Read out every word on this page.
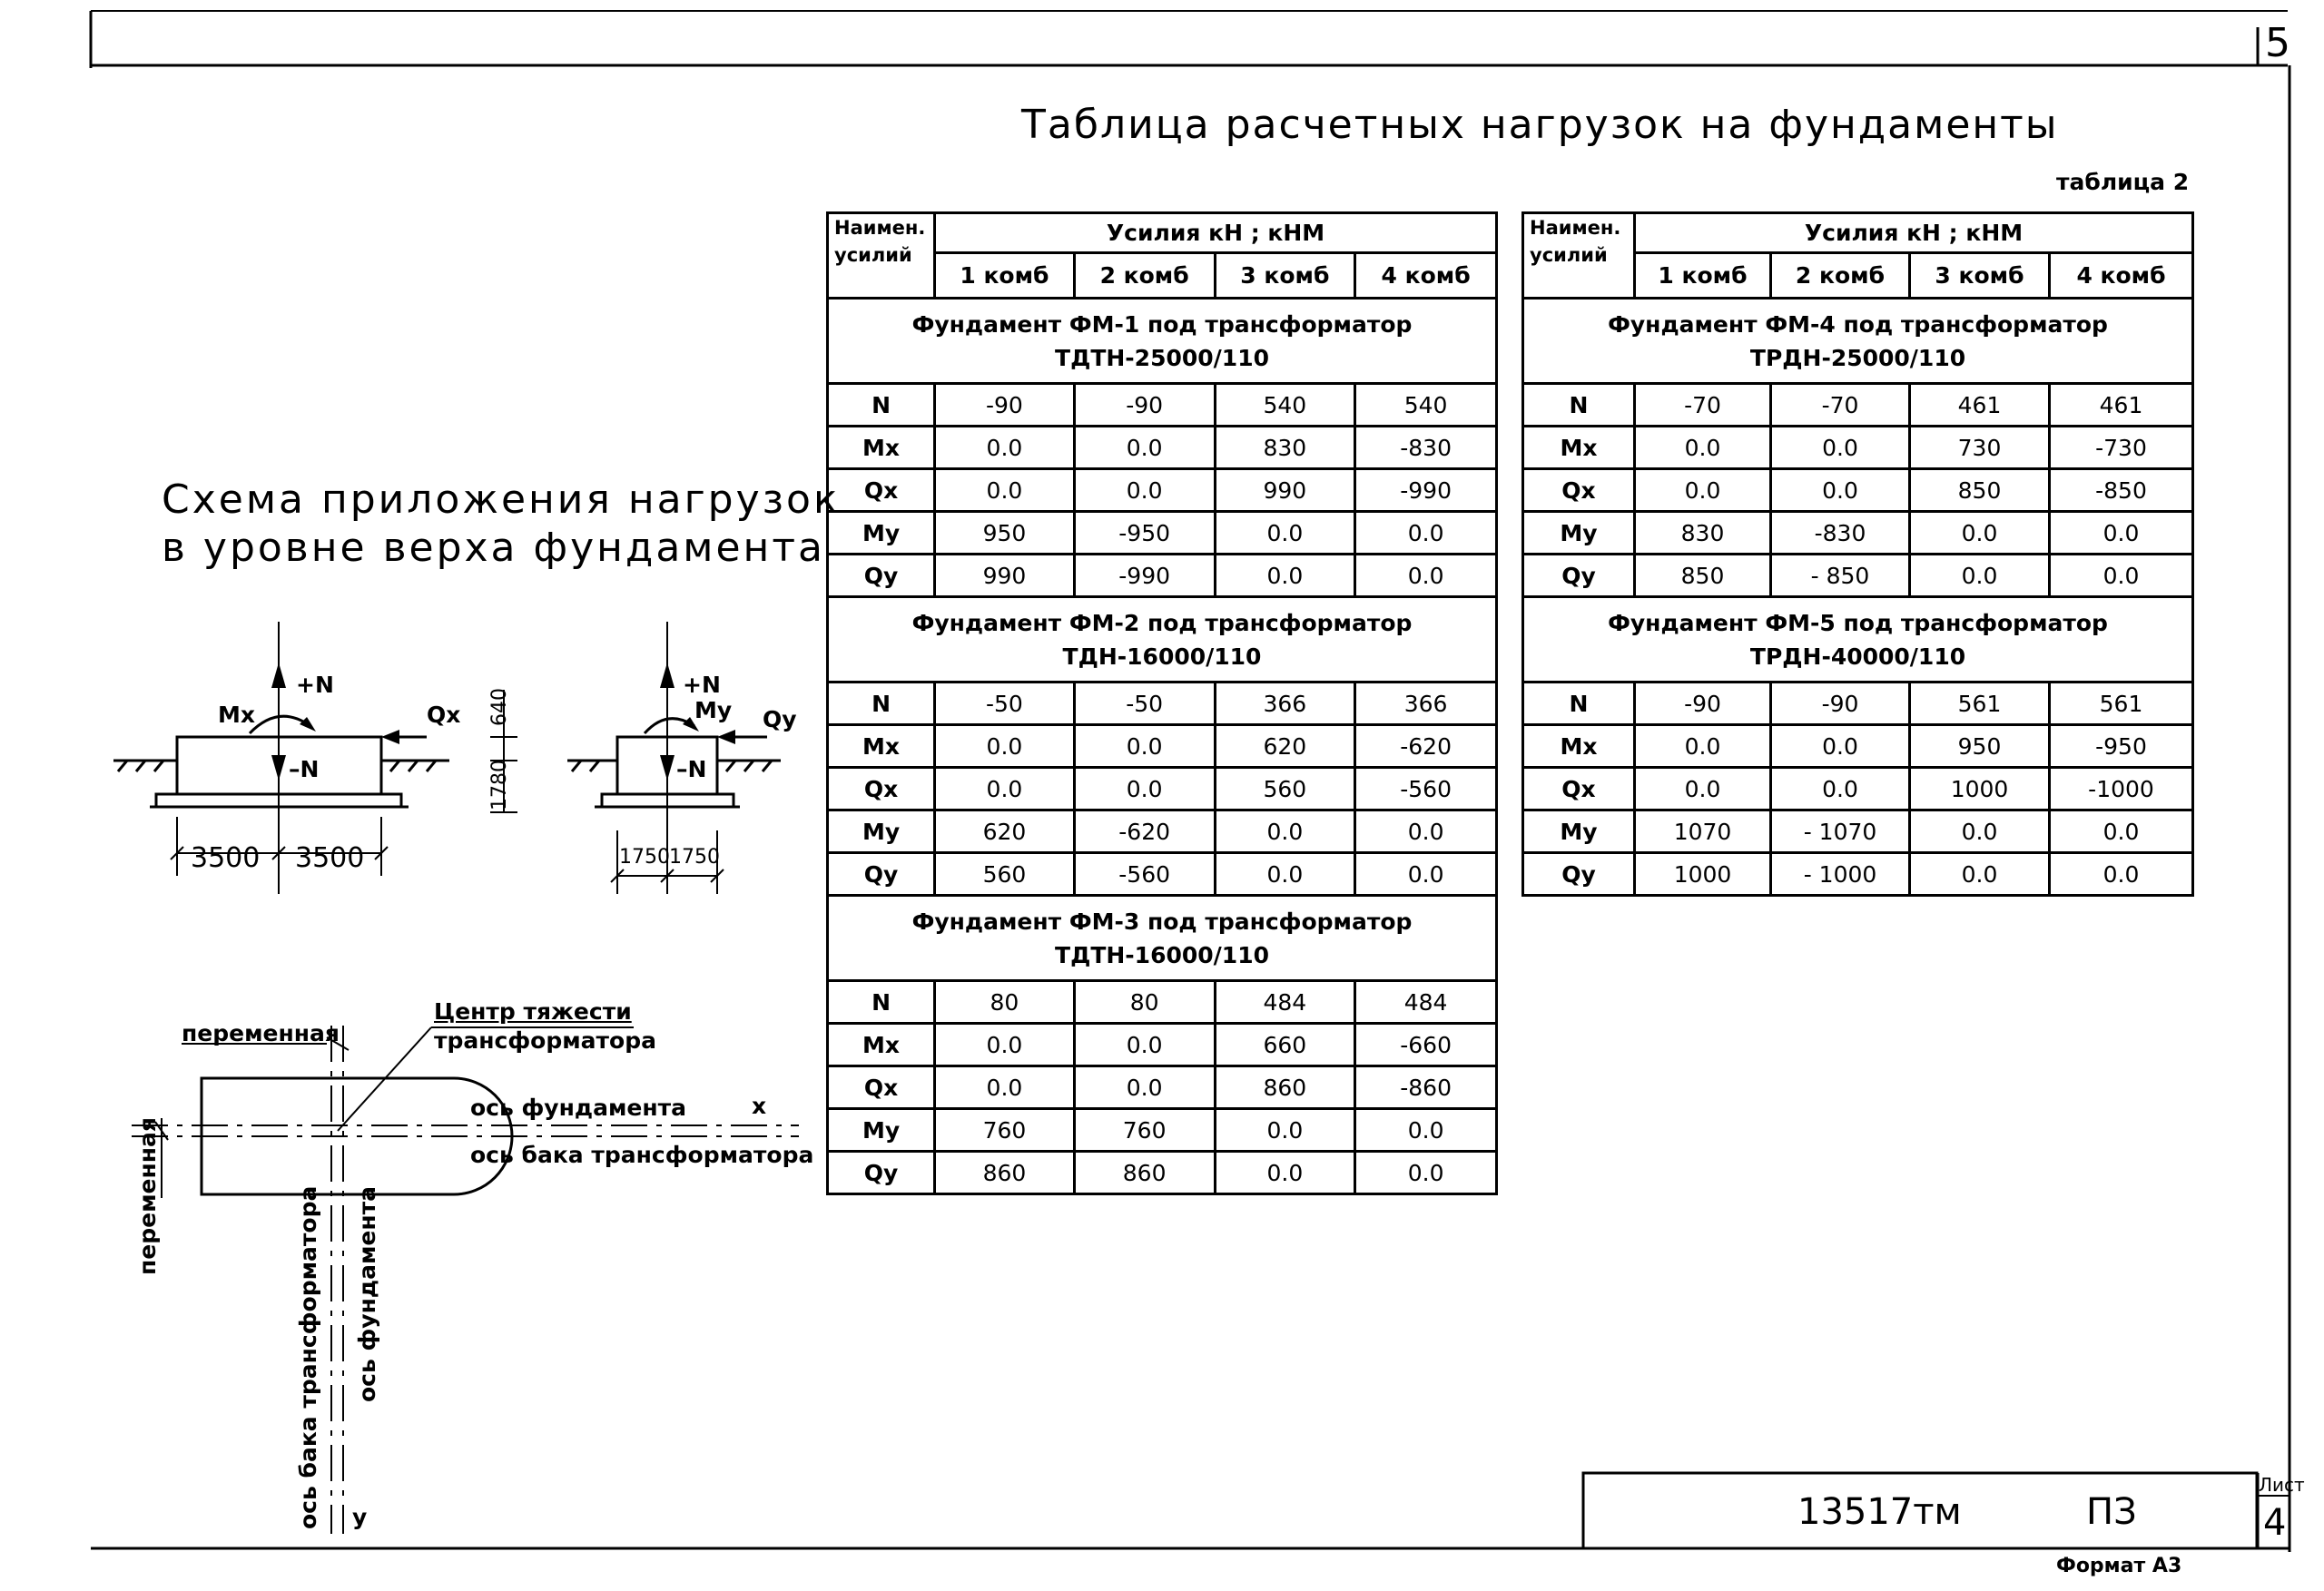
5
Таблица расчетных нагрузок на фундаменты
таблица 2
Схема приложения нагрузок
в уровне верха фундамента
+N
Mx	Qx
–N
640
1780
3500 3500
+N
My Qy
–N
1750 1750
переменная
Центр тяжести
трансформатора
ось фундамента	x
ось бака трансформатора
переменная	ось бака трансформатора ось фундамента
y
Наимен. усилий	Усилия кН ; кНМ			
	1 комб	2 комб	3 комб	4 комб

Фундамент ФМ-1 под трансформатор
ТДТН-25000/110				

N	-90	-90	540	540
Mx	0.0	0.0	830	-830
Qx	0.0	0.0	990	-990
My	950	-950	0.0	0.0
Qy	990	-990	0.0	0.0

Фундамент ФМ-2 под трансформатор
ТДН-16000/110				

N	-50	-50	366	366
Mx	0.0	0.0	620	-620
Qx	0.0	0.0	560	-560
My	620	-620	0.0	0.0
Qy	560	-560	0.0	0.0

Фундамент ФМ-3 под трансформатор
ТДТН-16000/110				

N	80	80	484	484
Mx	0.0	0.0	660	-660
Qx	0.0	0.0	860	-860
My	760	760	0.0	0.0
Qy	860	860	0.0	0.0
Наимен. усилий	Усилия кН ; кНМ			
	1 комб	2 комб	3 комб	4 комб

Фундамент ФМ-4 под трансформатор
ТРДН-25000/110				

N	-70	-70	461	461
Mx	0.0	0.0	730	-730
Qx	0.0	0.0	850	-850
My	830	-830	0.0	0.0
Qy	850	- 850	0.0	0.0

Фундамент ФМ-5 под трансформатор
ТРДН-40000/110				

N	-90	-90	561	561
Mx	0.0	0.0	950	-950
Qx	0.0	0.0	1000	-1000
My	1070	- 1070	0.0	0.0
Qy	1000	- 1000	0.0	0.0
13517тм	ПЗ
Лист
4
Формат А3
